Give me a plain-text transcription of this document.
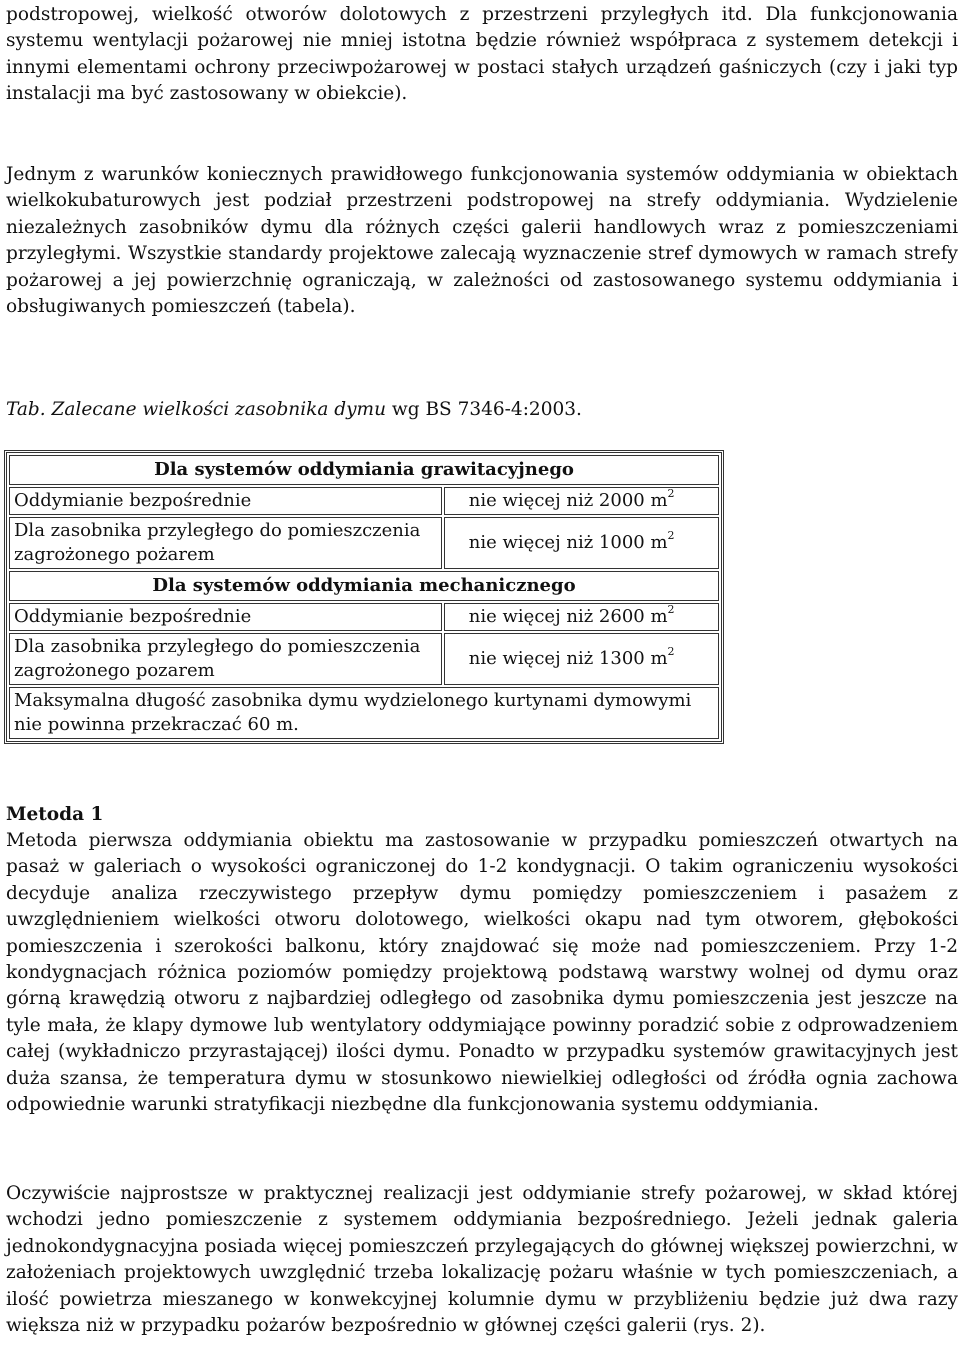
podstropowej, wielkość otworów dolotowych z przestrzeni przyległych itd. Dla funkcjonowania systemu wentylacji pożarowej nie mniej istotna będzie również współpraca z systemem detekcji i innymi elementami ochrony przeciwpożarowej w postaci stałych urządzeń gaśniczych (czy i jaki typ instalacji ma być zastosowany w obiekcie).

Jednym z warunków koniecznych prawidłowego funkcjonowania systemów oddymiania w obiektach wielkokubaturowych jest podział przestrzeni podstropowej na strefy oddymiania. Wydzielenie niezależnych zasobników dymu dla różnych części galerii handlowych wraz z pomieszczeniami przyległymi. Wszystkie standardy projektowe zalecają wyznaczenie stref dymowych w ramach strefy pożarowej a jej powierzchnię ograniczają, w zależności od zastosowanego systemu oddymiania i obsługiwanych pomieszczeń (tabela).

Tab. Zalecane wielkości zasobnika dymu wg BS 7346-4:2003.

Dla systemów oddymiania grawitacyjnego	
Oddymianie bezpośrednie	nie więcej niż 2000 $m^2$
Dla zasobnika przyległego do pomieszczenia zagrożonego pożarem	nie więcej niż 1000 $m^2$
Dla systemów oddymiania mechanicznego	
Oddymianie bezpośrednie	nie więcej niż 2600 $m^2$
Dla zasobnika przyległego do pomieszczenia zagrożonego pozarem	nie więcej niż 1300 $m^2$
Maksymalna długość zasobnika dymu wydzielonego kurtynami dymowymi nie powinna przekraczać 60 m.	

Metoda 1

Metoda pierwsza oddymiania obiektu ma zastosowanie w przypadku pomieszczeń otwartych na pasaż w galeriach o wysokości ograniczonej do 1-2 kondygnacji. O takim ograniczeniu wysokości decyduje analiza rzeczywistego przepływ dymu pomiędzy pomieszczeniem i pasażem z uwzględnieniem wielkości otworu dolotowego, wielkości okapu nad tym otworem, głębokości pomieszczenia i szerokości balkonu, który znajdować się może nad pomieszczeniem. Przy 1-2 kondygnacjach różnica poziomów pomiędzy projektową podstawą warstwy wolnej od dymu oraz górną krawędzią otworu z najbardziej odległego od zasobnika dymu pomieszczenia jest jeszcze na tyle mała, że klapy dymowe lub wentylatory oddymiające powinny poradzić sobie z odprowadzeniem całej (wykładniczo przyrastającej) ilości dymu. Ponadto w przypadku systemów grawitacyjnych jest duża szansa, że temperatura dymu w stosunkowo niewielkiej odległości od źródła ognia zachowa odpowiednie warunki stratyfikacji niezbędne dla funkcjonowania systemu oddymiania.

Oczywiście najprostsze w praktycznej realizacji jest oddymianie strefy pożarowej, w skład której wchodzi jedno pomieszczenie z systemem oddymiania bezpośredniego. Jeżeli jednak galeria jednokondygnacyjna posiada więcej pomieszczeń przylegających do głównej większej powierzchni, w założeniach projektowych uwzględnić trzeba lokalizację pożaru właśnie w tych pomieszczeniach, a ilość powietrza mieszanego w konwekcyjnej kolumnie dymu w przybliżeniu będzie już dwa razy większa niż w przypadku pożarów bezpośrednio w głównej części galerii (rys. 2).
